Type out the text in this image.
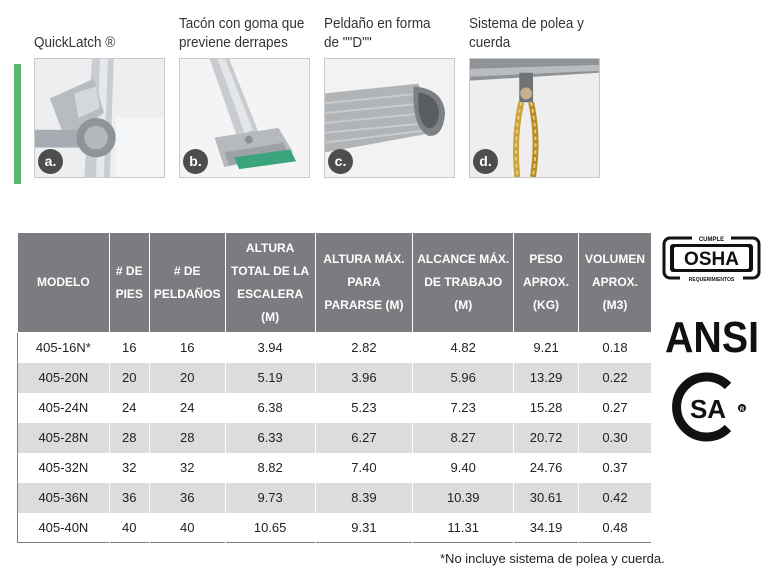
QuickLatch ®
a.
Tacón con goma que
previene derrapes
b.
Peldaño en forma
de ""D""
c.
Sistema de polea y
cuerda
d.
MODELO	# DE PIES	# DE PELDAÑOS	ALTURA TOTAL DE LA ESCALERA (M)	ALTURA MÁX. PARA PARARSE (M)	ALCANCE MÁX. DE TRABAJO (M)	PESO APROX. (KG)	VOLUMEN APROX. (M3)
405-16N*	16	16	3.94	2.82	4.82	9.21	0.18
405-20N	20	20	5.19	3.96	5.96	13.29	0.22
405-24N	24	24	6.38	5.23	7.23	15.28	0.27
405-28N	28	28	6.33	6.27	8.27	20.72	0.30
405-32N	32	32	8.82	7.40	9.40	24.76	0.37
405-36N	36	36	9.73	8.39	10.39	30.61	0.42
405-40N	40	40	10.65	9.31	11.31	34.19	0.48
*No incluye sistema de polea y cuerda.
OSHA
CUMPLE
REQUERIMIENTOS
ANSI
SA R
